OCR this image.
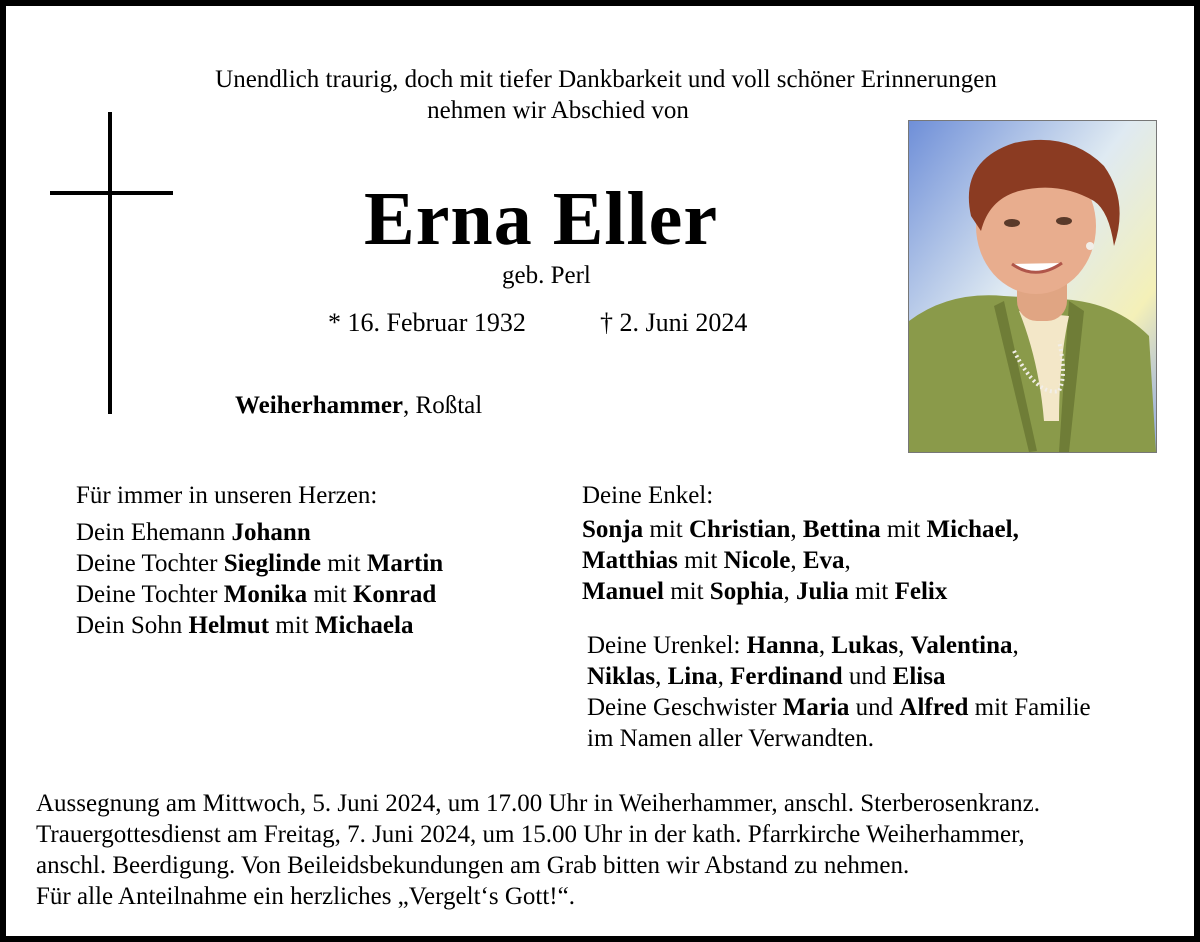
Unendlich traurig, doch mit tiefer Dankbarkeit und voll schöner Erinnerungen
nehmen wir Abschied von
Erna Eller
geb. Perl
* 16. Februar 1932	† 2. Juni 2024
Weiherhammer, Roßtal
Für immer in unseren Herzen:
Dein Ehemann Johann
Deine Tochter Sieglinde mit Martin
Deine Tochter Monika mit Konrad
Dein Sohn Helmut mit Michaela
Deine Enkel:
Sonja mit Christian, Bettina mit Michael,
Matthias mit Nicole, Eva,
Manuel mit Sophia, Julia mit Felix
Deine Urenkel: Hanna, Lukas, Valentina,
Niklas, Lina, Ferdinand und Elisa
Deine Geschwister Maria und Alfred mit Familie
im Namen aller Verwandten.
Aussegnung am Mittwoch, 5. Juni 2024, um 17.00 Uhr in Weiherhammer, anschl. Sterberosenkranz.
Trauergottesdienst am Freitag, 7. Juni 2024, um 15.00 Uhr in der kath. Pfarrkirche Weiherhammer,
anschl. Beerdigung. Von Beileidsbekundungen am Grab bitten wir Abstand zu nehmen.
Für alle Anteilnahme ein herzliches „Vergelt‘s Gott!“.
